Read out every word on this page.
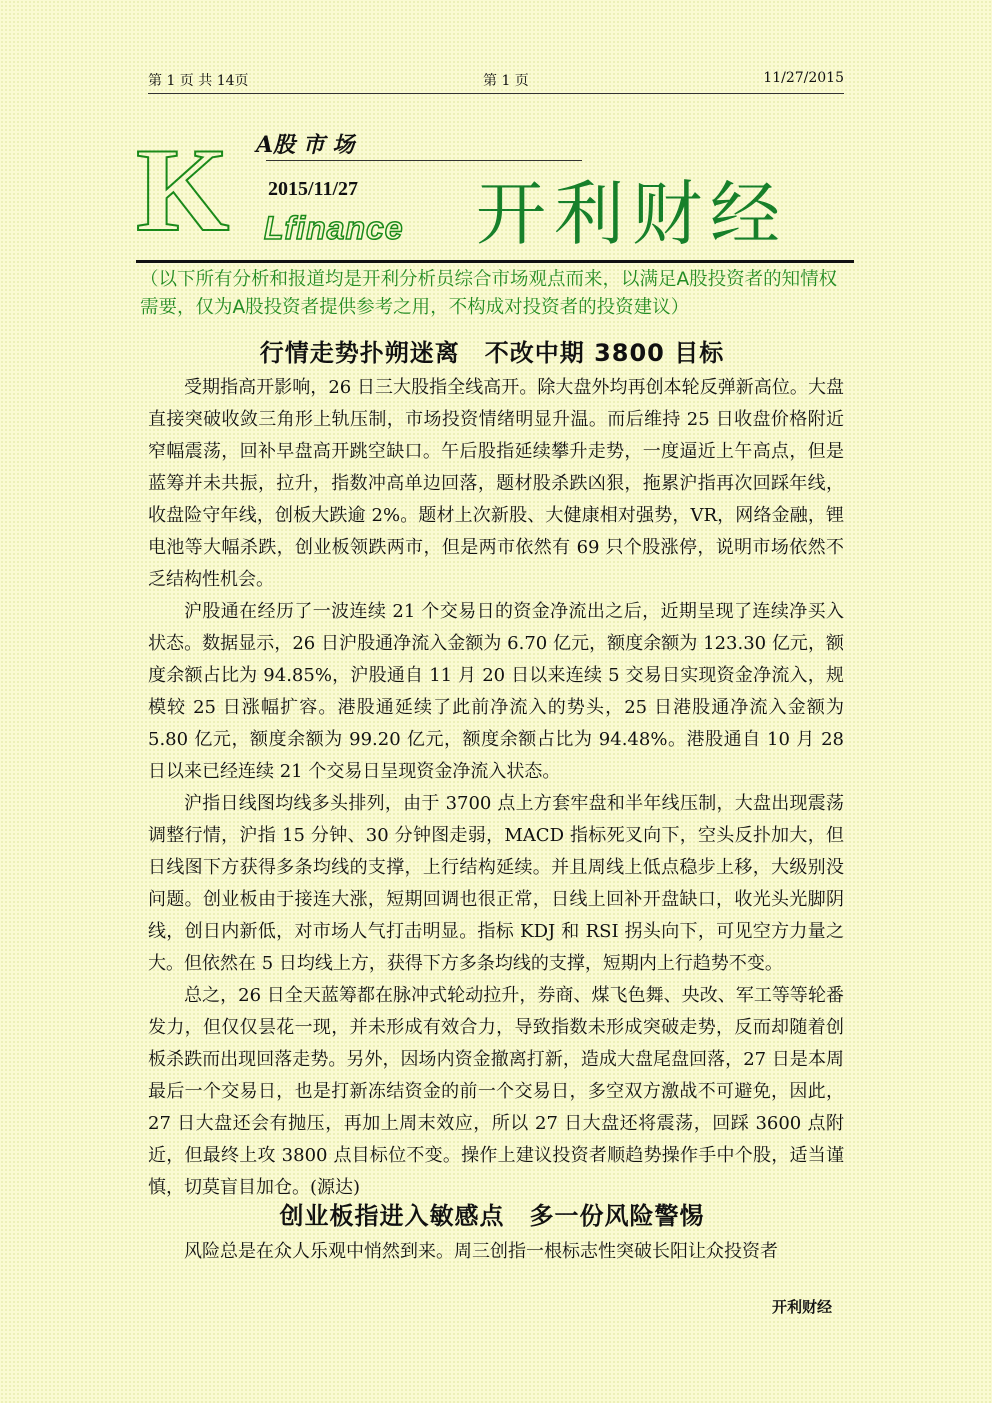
第 1 页 共 14页	第 1 页	11/27/2015
K A股 市 场
2015/11/27
Lfinance 开利财经
（以下所有分析和报道均是开利分析员综合市场观点而来，以满足A股投资者的知情权需要，仅为A股投资者提供参考之用，不构成对投资者的投资建议）
行情走势扑朔迷离　不改中期 3800 目标
受期指高开影响，26 日三大股指全线高开。除大盘外均再创本轮反弹新高位。大盘直接突破收敛三角形上轨压制，市场投资情绪明显升温。而后维持 25 日收盘价格附近窄幅震荡，回补早盘高开跳空缺口。午后股指延续攀升走势，一度逼近上午高点，但是蓝筹并未共振，拉升，指数冲高单边回落，题材股杀跌凶狠，拖累沪指再次回踩年线，收盘险守年线，创板大跌逾 2%。题材上次新股、大健康相对强势，VR，网络金融，锂电池等大幅杀跌，创业板领跌两市，但是两市依然有 69 只个股涨停，说明市场依然不乏结构性机会。
沪股通在经历了一波连续 21 个交易日的资金净流出之后，近期呈现了连续净买入状态。数据显示，26 日沪股通净流入金额为 6.70 亿元，额度余额为 123.30 亿元，额度余额占比为 94.85%，沪股通自 11 月 20 日以来连续 5 交易日实现资金净流入，规模较 25 日涨幅扩容。港股通延续了此前净流入的势头，25 日港股通净流入金额为 5.80 亿元，额度余额为 99.20 亿元，额度余额占比为 94.48%。港股通自 10 月 28 日以来已经连续 21 个交易日呈现资金净流入状态。
沪指日线图均线多头排列，由于 3700 点上方套牢盘和半年线压制，大盘出现震荡调整行情，沪指 15 分钟、30 分钟图走弱，MACD 指标死叉向下，空头反扑加大，但日线图下方获得多条均线的支撑，上行结构延续。并且周线上低点稳步上移，大级别没问题。创业板由于接连大涨，短期回调也很正常，日线上回补开盘缺口，收光头光脚阴线，创日内新低，对市场人气打击明显。指标 KDJ 和 RSI 拐头向下，可见空方力量之大。但依然在 5 日均线上方，获得下方多条均线的支撑，短期内上行趋势不变。
总之，26 日全天蓝筹都在脉冲式轮动拉升，券商、煤飞色舞、央改、军工等等轮番发力，但仅仅昙花一现，并未形成有效合力，导致指数未形成突破走势，反而却随着创板杀跌而出现回落走势。另外，因场内资金撤离打新，造成大盘尾盘回落，27 日是本周最后一个交易日，也是打新冻结资金的前一个交易日，多空双方激战不可避免，因此，27 日大盘还会有抛压，再加上周末效应，所以 27 日大盘还将震荡，回踩 3600 点附近，但最终上攻 3800 点目标位不变。操作上建议投资者顺趋势操作手中个股，适当谨慎，切莫盲目加仓。(源达)
创业板指进入敏感点　多一份风险警惕
风险总是在众人乐观中悄然到来。周三创指一根标志性突破长阳让众投资者
开利财经
